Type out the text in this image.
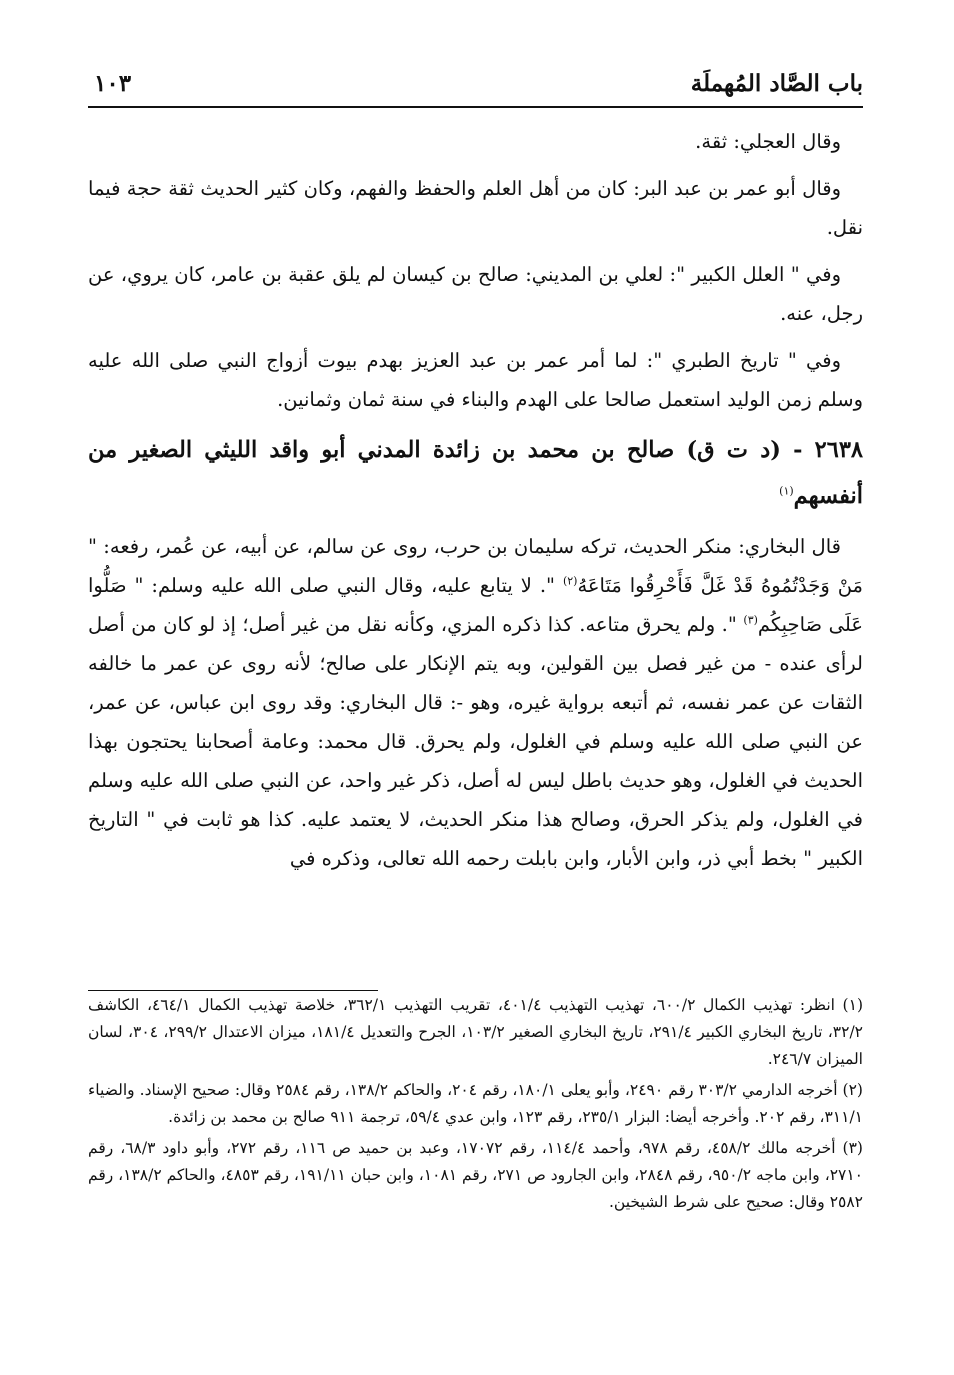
باب الصَّاد المُهملَة
١٠٣

وقال العجلي: ثقة.

وقال أبو عمر بن عبد البر: كان من أهل العلم والحفظ والفهم، وكان كثير الحديث ثقة حجة فيما نقل.

وفي " العلل الكبير ": لعلي بن المديني: صالح بن كيسان لم يلق عقبة بن عامر، كان يروي، عن رجل، عنه.

وفي " تاريخ الطبري ": لما أمر عمر بن عبد العزيز بهدم بيوت أزواج النبي صلى الله عليه وسلم زمن الوليد استعمل صالحا على الهدم والبناء في سنة ثمان وثمانين.

٢٦٣٨ - (د ت ق) صالح بن محمد بن زائدة المدني أبو واقد الليثي الصغير من أنفسهم$^{(١)}$

قال البخاري: منكر الحديث، تركه سليمان بن حرب، روى عن سالم، عن أبيه، عن عُمر، رفعه: " مَنْ وَجَدْتُمُوهُ قَدْ غَلَّ فَأَحْرِقُوا مَتَاعَهُ$^{(٢)}$ ". لا يتابع عليه، وقال النبي صلى الله عليه وسلم: " صَلُّوا عَلَى صَاحِبِكُم$^{(٣)}$ ". ولم يحرق متاعه. كذا ذكره المزي، وكأنه نقل من غير أصل؛ إذ لو كان من أصل لرأى عنده - من غير فصل بين القولين، وبه يتم الإنكار على صالح؛ لأنه روى عن عمر ما خالفه الثقات عن عمر نفسه، ثم أتبعه برواية غيره، وهو -: قال البخاري: وقد روى ابن عباس، عن عمر، عن النبي صلى الله عليه وسلم في الغلول، ولم يحرق. قال محمد: وعامة أصحابنا يحتجون بهذا الحديث في الغلول، وهو حديث باطل ليس له أصل، ذكر غير واحد، عن النبي صلى الله عليه وسلم في الغلول، ولم يذكر الحرق، وصالح هذا منكر الحديث، لا يعتمد عليه. كذا هو ثابت في " التاريخ الكبير " بخط أبي ذر، وابن الأبار، وابن بابلت رحمه الله تعالى، وذكره في

(١) انظر: تهذيب الكمال ٦٠٠/٢، تهذيب التهذيب ٤٠١/٤، تقريب التهذيب ٣٦٢/١، خلاصة تهذيب الكمال ٤٦٤/١، الكاشف ٣٢/٢، تاريخ البخاري الكبير ٢٩١/٤، تاريخ البخاري الصغير ١٠٣/٢، الجرح والتعديل ١٨١/٤، ميزان الاعتدال ٢٩٩/٢، ٣٠٤، لسان الميزان ٢٤٦/٧.

(٢) أخرجه الدارمي ٣٠٣/٢ رقم ٢٤٩٠، وأبو يعلى ١٨٠/١، رقم ٢٠٤، والحاكم ١٣٨/٢، رقم ٢٥٨٤ وقال: صحيح الإسناد. والضياء ٣١١/١، رقم ٢٠٢. وأخرجه أيضا: البزار ٢٣٥/١، رقم ١٢٣، وابن عدي ٥٩/٤، ترجمة ٩١١ صالح بن محمد بن زائدة.

(٣) أخرجه مالك ٤٥٨/٢، رقم ٩٧٨، وأحمد ١١٤/٤، رقم ١٧٠٧٢، وعبد بن حميد ص ١١٦، رقم ٢٧٢، وأبو داود ٦٨/٣، رقم ٢٧١٠، وابن ماجه ٩٥٠/٢، رقم ٢٨٤٨، وابن الجارود ص ٢٧١، رقم ١٠٨١، وابن حبان ١٩١/١١، رقم ٤٨٥٣، والحاكم ١٣٨/٢، رقم ٢٥٨٢ وقال: صحيح على شرط الشيخين.
